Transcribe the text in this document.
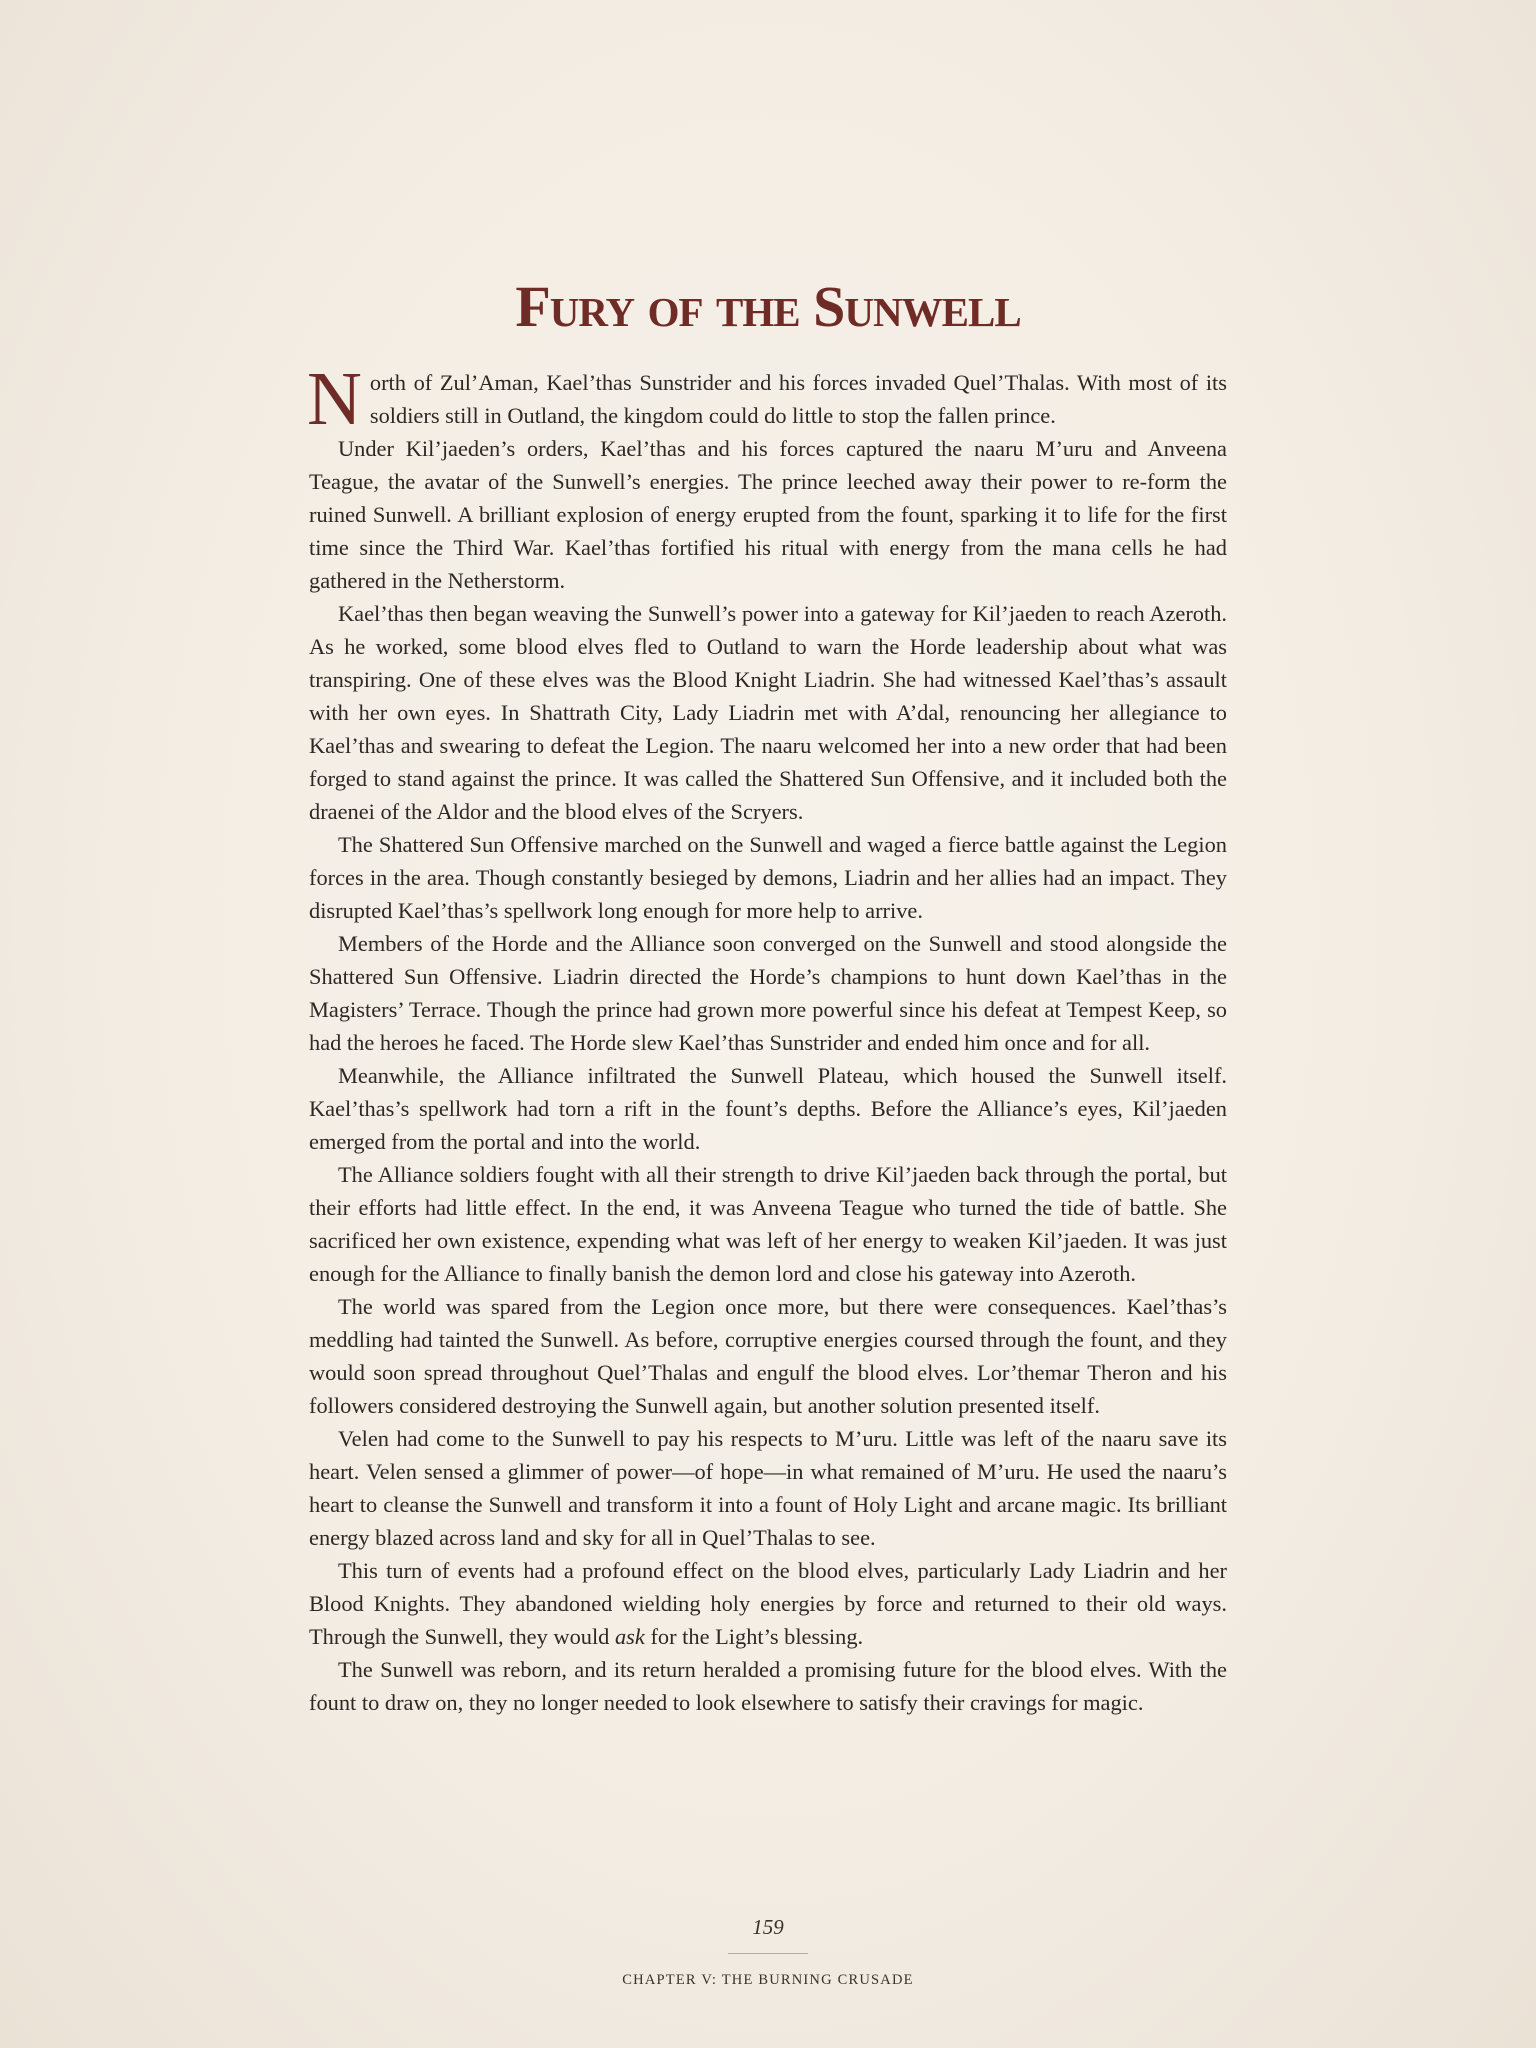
Fury of the Sunwell

North of Zul’Aman, Kael’thas Sunstrider and his forces invaded Quel’Thalas. With most of its soldiers still in Outland, the kingdom could do little to stop the fallen prince.

Under Kil’jaeden’s orders, Kael’thas and his forces captured the naaru M’uru and Anveena Teague, the avatar of the Sunwell’s energies. The prince leeched away their power to re-form the ruined Sunwell. A brilliant explosion of energy erupted from the fount, sparking it to life for the first time since the Third War. Kael’thas fortified his ritual with energy from the mana cells he had gathered in the Netherstorm.

Kael’thas then began weaving the Sunwell’s power into a gateway for Kil’jaeden to reach Azeroth. As he worked, some blood elves fled to Outland to warn the Horde leadership about what was transpiring. One of these elves was the Blood Knight Liadrin. She had witnessed Kael’thas’s assault with her own eyes. In Shattrath City, Lady Liadrin met with A’dal, renouncing her allegiance to Kael’thas and swearing to defeat the Legion. The naaru welcomed her into a new order that had been forged to stand against the prince. It was called the Shattered Sun Offensive, and it included both the draenei of the Aldor and the blood elves of the Scryers.

The Shattered Sun Offensive marched on the Sunwell and waged a fierce battle against the Legion forces in the area. Though constantly besieged by demons, Liadrin and her allies had an impact. They disrupted Kael’thas’s spellwork long enough for more help to arrive.

Members of the Horde and the Alliance soon converged on the Sunwell and stood alongside the Shattered Sun Offensive. Liadrin directed the Horde’s champions to hunt down Kael’thas in the Magisters’ Terrace. Though the prince had grown more powerful since his defeat at Tempest Keep, so had the heroes he faced. The Horde slew Kael’thas Sunstrider and ended him once and for all.

Meanwhile, the Alliance infiltrated the Sunwell Plateau, which housed the Sunwell itself. Kael’thas’s spellwork had torn a rift in the fount’s depths. Before the Alliance’s eyes, Kil’jaeden emerged from the portal and into the world.

The Alliance soldiers fought with all their strength to drive Kil’jaeden back through the portal, but their efforts had little effect. In the end, it was Anveena Teague who turned the tide of battle. She sacrificed her own existence, expending what was left of her energy to weaken Kil’jaeden. It was just enough for the Alliance to finally banish the demon lord and close his gateway into Azeroth.

The world was spared from the Legion once more, but there were consequences. Kael’thas’s meddling had tainted the Sunwell. As before, corruptive energies coursed through the fount, and they would soon spread throughout Quel’Thalas and engulf the blood elves. Lor’themar Theron and his followers considered destroying the Sunwell again, but another solution presented itself.

Velen had come to the Sunwell to pay his respects to M’uru. Little was left of the naaru save its heart. Velen sensed a glimmer of power—of hope—in what remained of M’uru. He used the naaru’s heart to cleanse the Sunwell and transform it into a fount of Holy Light and arcane magic. Its brilliant energy blazed across land and sky for all in Quel’Thalas to see.

This turn of events had a profound effect on the blood elves, particularly Lady Liadrin and her Blood Knights. They abandoned wielding holy energies by force and returned to their old ways. Through the Sunwell, they would ask for the Light’s blessing.

The Sunwell was reborn, and its return heralded a promising future for the blood elves. With the fount to draw on, they no longer needed to look elsewhere to satisfy their cravings for magic.

159
CHAPTER V: THE BURNING CRUSADE
